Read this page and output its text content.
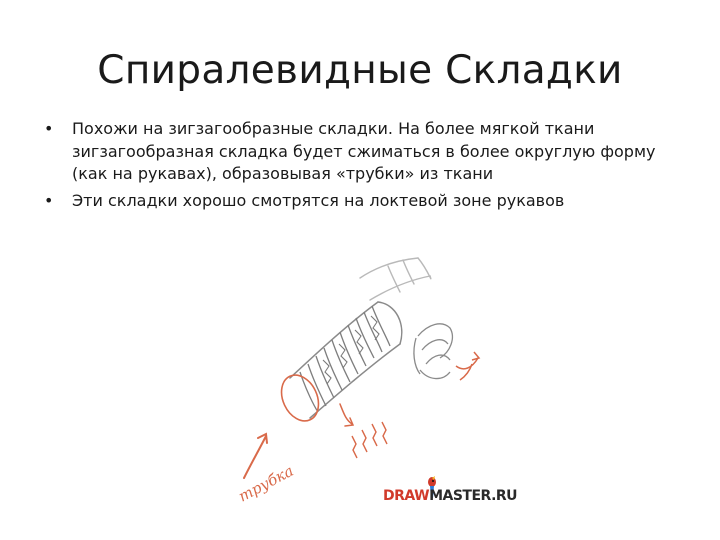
Спиралевидные Складки
• Похожи на зигзагообразные складки. На более мягкой ткани зигзагообразная складка будет сжиматься в более округлую форму (как на рукавах), образовывая «трубки» из ткани
• Эти складки хорошо смотрятся на локтевой зоне рукавов
трубка	DRAWMASTER.RU
